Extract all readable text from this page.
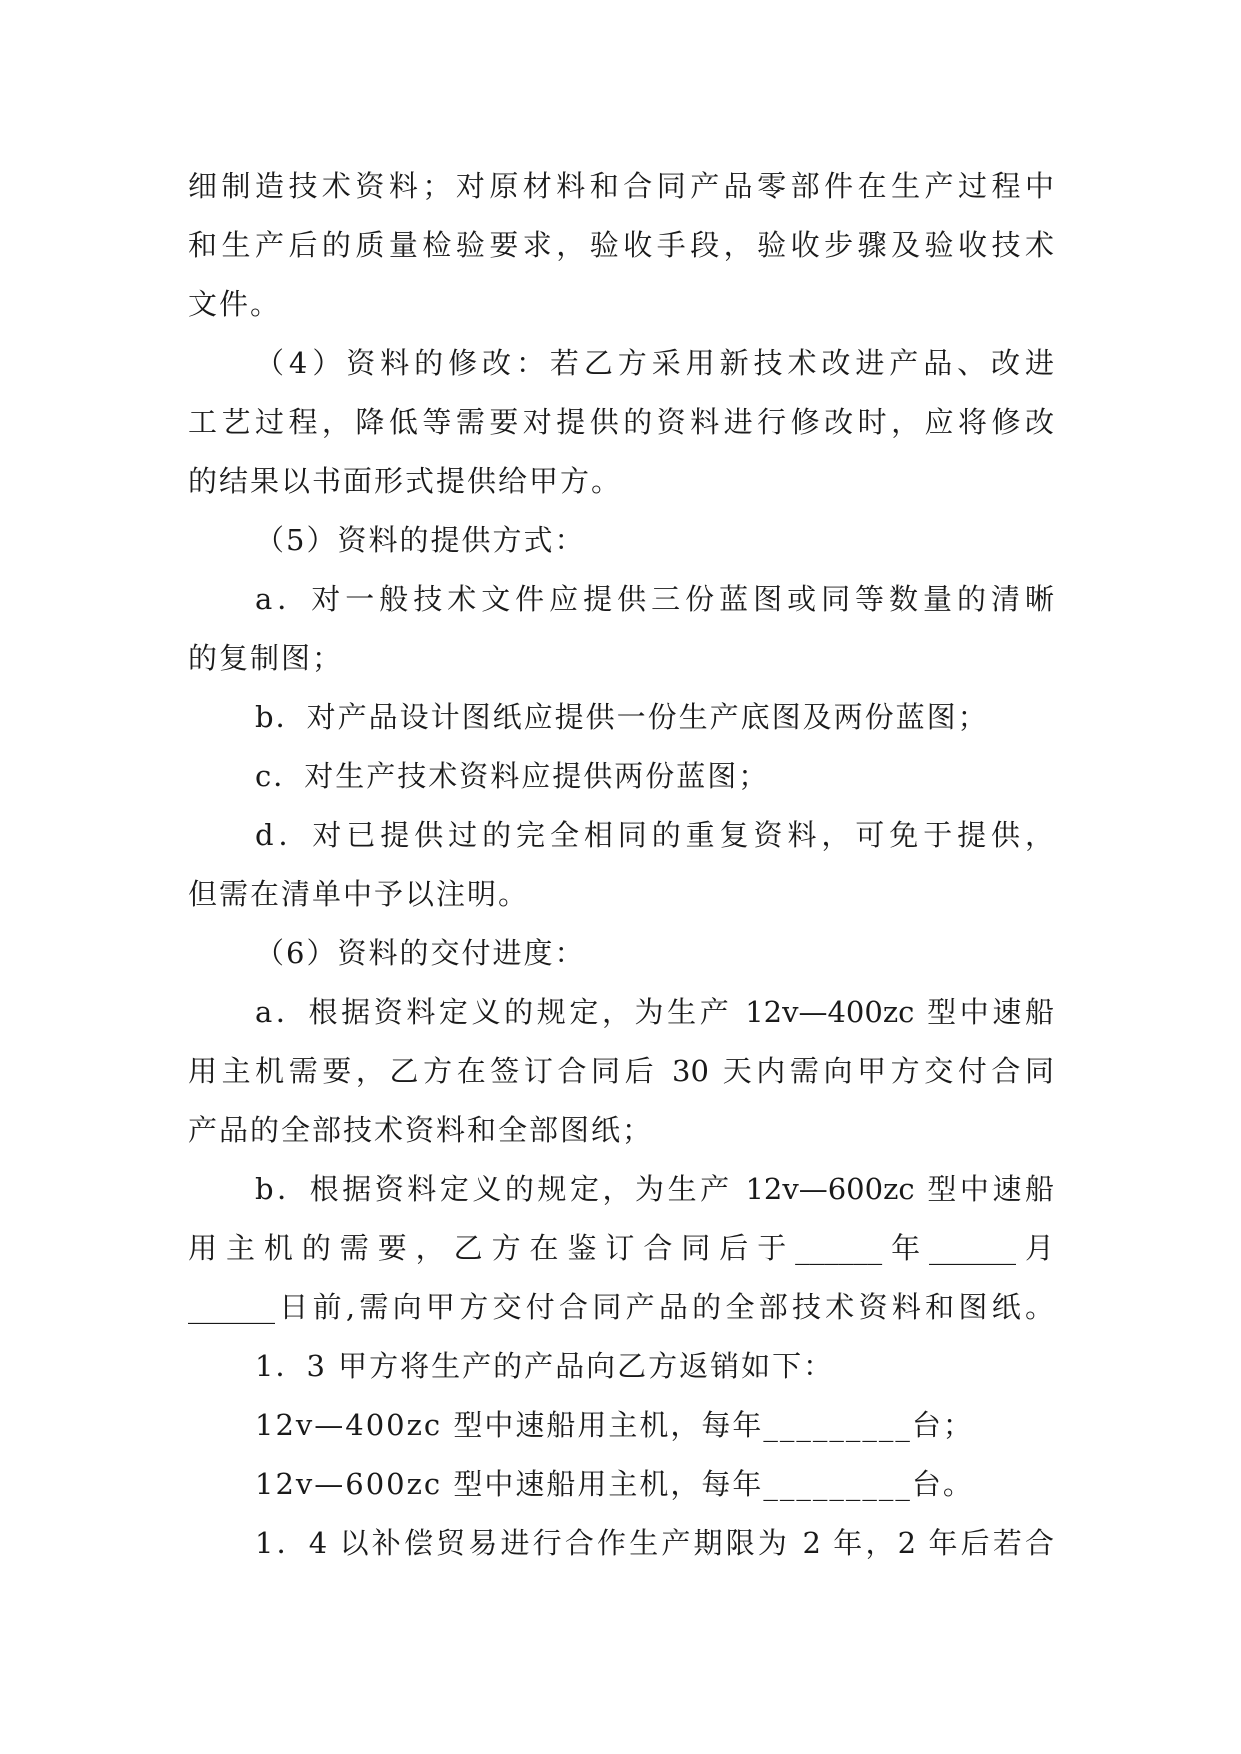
细制造技术资料；对原材料和合同产品零部件在生产过程中
和生产后的质量检验要求，验收手段，验收步骤及验收技术
文件。
（4）资料的修改：若乙方采用新技术改进产品、改进
工艺过程，降低等需要对提供的资料进行修改时，应将修改
的结果以书面形式提供给甲方。
（5）资料的提供方式：
a．对一般技术文件应提供三份蓝图或同等数量的清晰
的复制图；
b．对产品设计图纸应提供一份生产底图及两份蓝图；
c．对生产技术资料应提供两份蓝图；
d．对已提供过的完全相同的重复资料，可免于提供，
但需在清单中予以注明。
（6）资料的交付进度：
a．根据资料定义的规定，为生产 12v—400zc 型中速船
用主机需要，乙方在签订合同后 30 天内需向甲方交付合同
产品的全部技术资料和全部图纸；
b．根据资料定义的规定，为生产 12v—600zc 型中速船
用主机的需要，乙方在鉴订合同后于______年______月
______日前,需向甲方交付合同产品的全部技术资料和图纸。
1．3 甲方将生产的产品向乙方返销如下：
12v—400zc 型中速船用主机，每年_________台；
12v—600zc 型中速船用主机，每年_________台。
1．4 以补偿贸易进行合作生产期限为 2 年，2 年后若合
